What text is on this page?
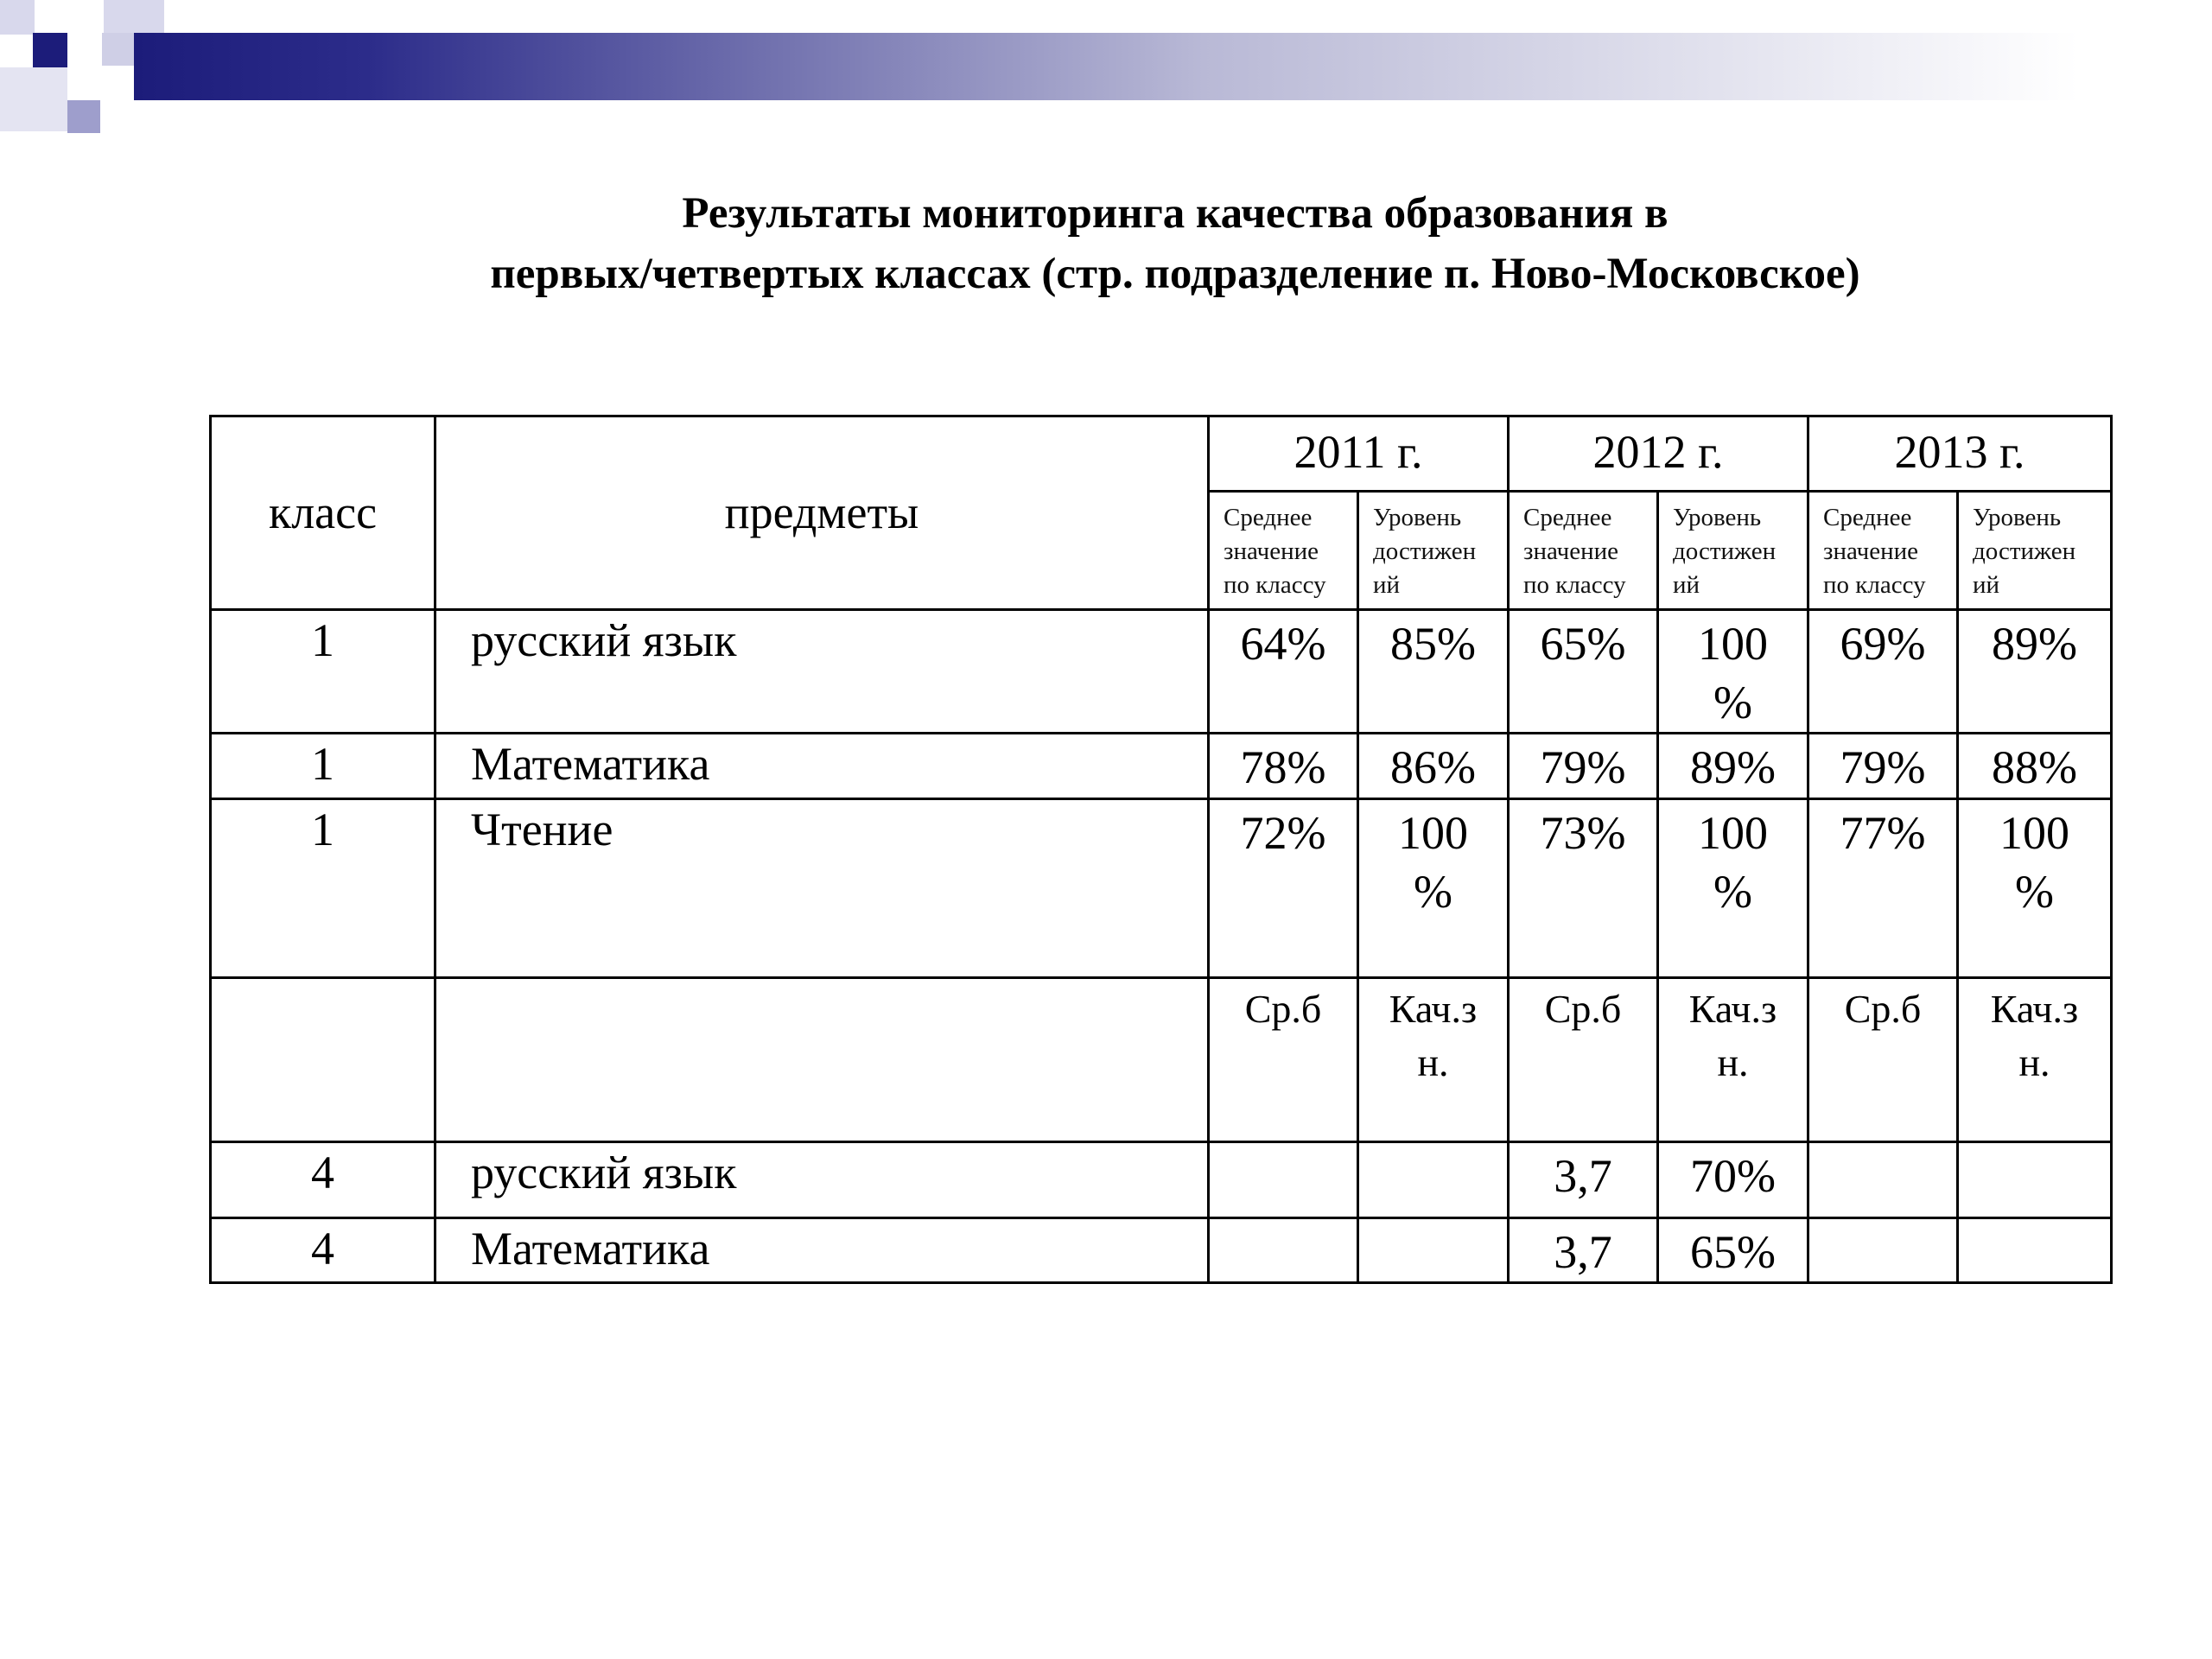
Результаты мониторинга качества образования в
первых/четвертых классах (стр. подразделение п. Ново-Московское)
класс	предметы	2011 г.		2012 г.		2013 г.	
		Среднее значение по классу	Уровень достижен ий	Среднее значение по классу	Уровень достижен ий	Среднее значение по классу	Уровень достижен ий
1	русский язык	64%	85%	65%	100 %	69%	89%
1	Математика	78%	86%	79%	89%	79%	88%
1	Чтение	72%	100 %	73%	100 %	77%	100 %
		Ср.б	Кач.з н.	Ср.б	Кач.з н.	Ср.б	Кач.з н.
4	русский язык			3,7	70%		
4	Математика			3,7	65%		
